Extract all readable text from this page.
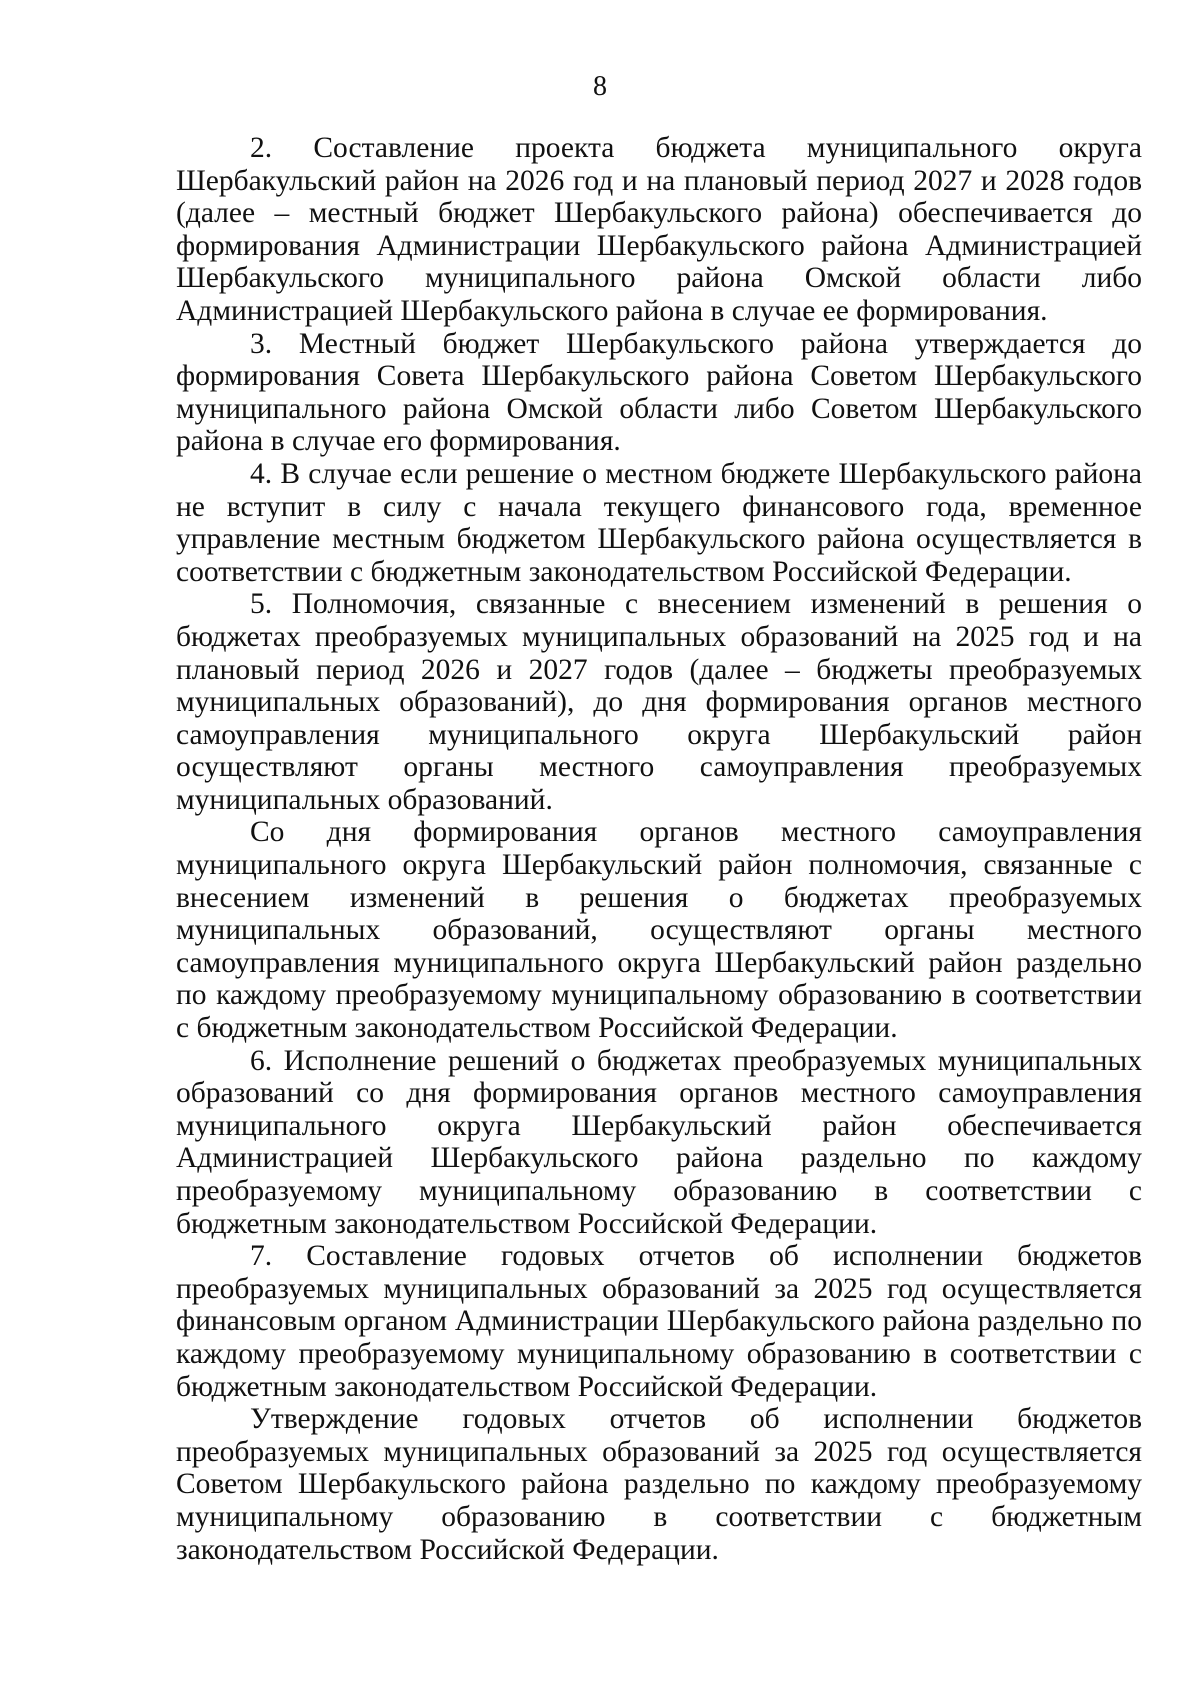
8

2. Составление проекта бюджета муниципального округа Шербакульский район на 2026 год и на плановый период 2027 и 2028 годов (далее – местный бюджет Шербакульского района) обеспечивается до формирования Администрации Шербакульского района Администрацией Шербакульского муниципального района Омской области либо Администрацией Шербакульского района в случае ее формирования.

3. Местный бюджет Шербакульского района утверждается до формирования Совета Шербакульского района Советом Шербакульского муниципального района Омской области либо Советом Шербакульского района в случае его формирования.

4. В случае если решение о местном бюджете Шербакульского района не вступит в силу с начала текущего финансового года, временное управление местным бюджетом Шербакульского района осуществляется в соответствии с бюджетным законодательством Российской Федерации.

5. Полномочия, связанные с внесением изменений в решения о бюджетах преобразуемых муниципальных образований на 2025 год и на плановый период 2026 и 2027 годов (далее – бюджеты преобразуемых муниципальных образований), до дня формирования органов местного самоуправления муниципального округа Шербакульский район осуществляют органы местного самоуправления преобразуемых муниципальных образований.

Со дня формирования органов местного самоуправления муниципального округа Шербакульский район полномочия, связанные с внесением изменений в решения о бюджетах преобразуемых муниципальных образований, осуществляют органы местного самоуправления муниципального округа Шербакульский район раздельно по каждому преобразуемому муниципальному образованию в соответствии с бюджетным законодательством Российской Федерации.

6. Исполнение решений о бюджетах преобразуемых муниципальных образований со дня формирования органов местного самоуправления муниципального округа Шербакульский район обеспечивается Администрацией Шербакульского района раздельно по каждому преобразуемому муниципальному образованию в соответствии с бюджетным законодательством Российской Федерации.

7. Составление годовых отчетов об исполнении бюджетов преобразуемых муниципальных образований за 2025 год осуществляется финансовым органом Администрации Шербакульского района раздельно по каждому преобразуемому муниципальному образованию в соответствии с бюджетным законодательством Российской Федерации.

Утверждение годовых отчетов об исполнении бюджетов преобразуемых муниципальных образований за 2025 год осуществляется Советом Шербакульского района раздельно по каждому преобразуемому муниципальному образованию в соответствии с бюджетным законодательством Российской Федерации.
